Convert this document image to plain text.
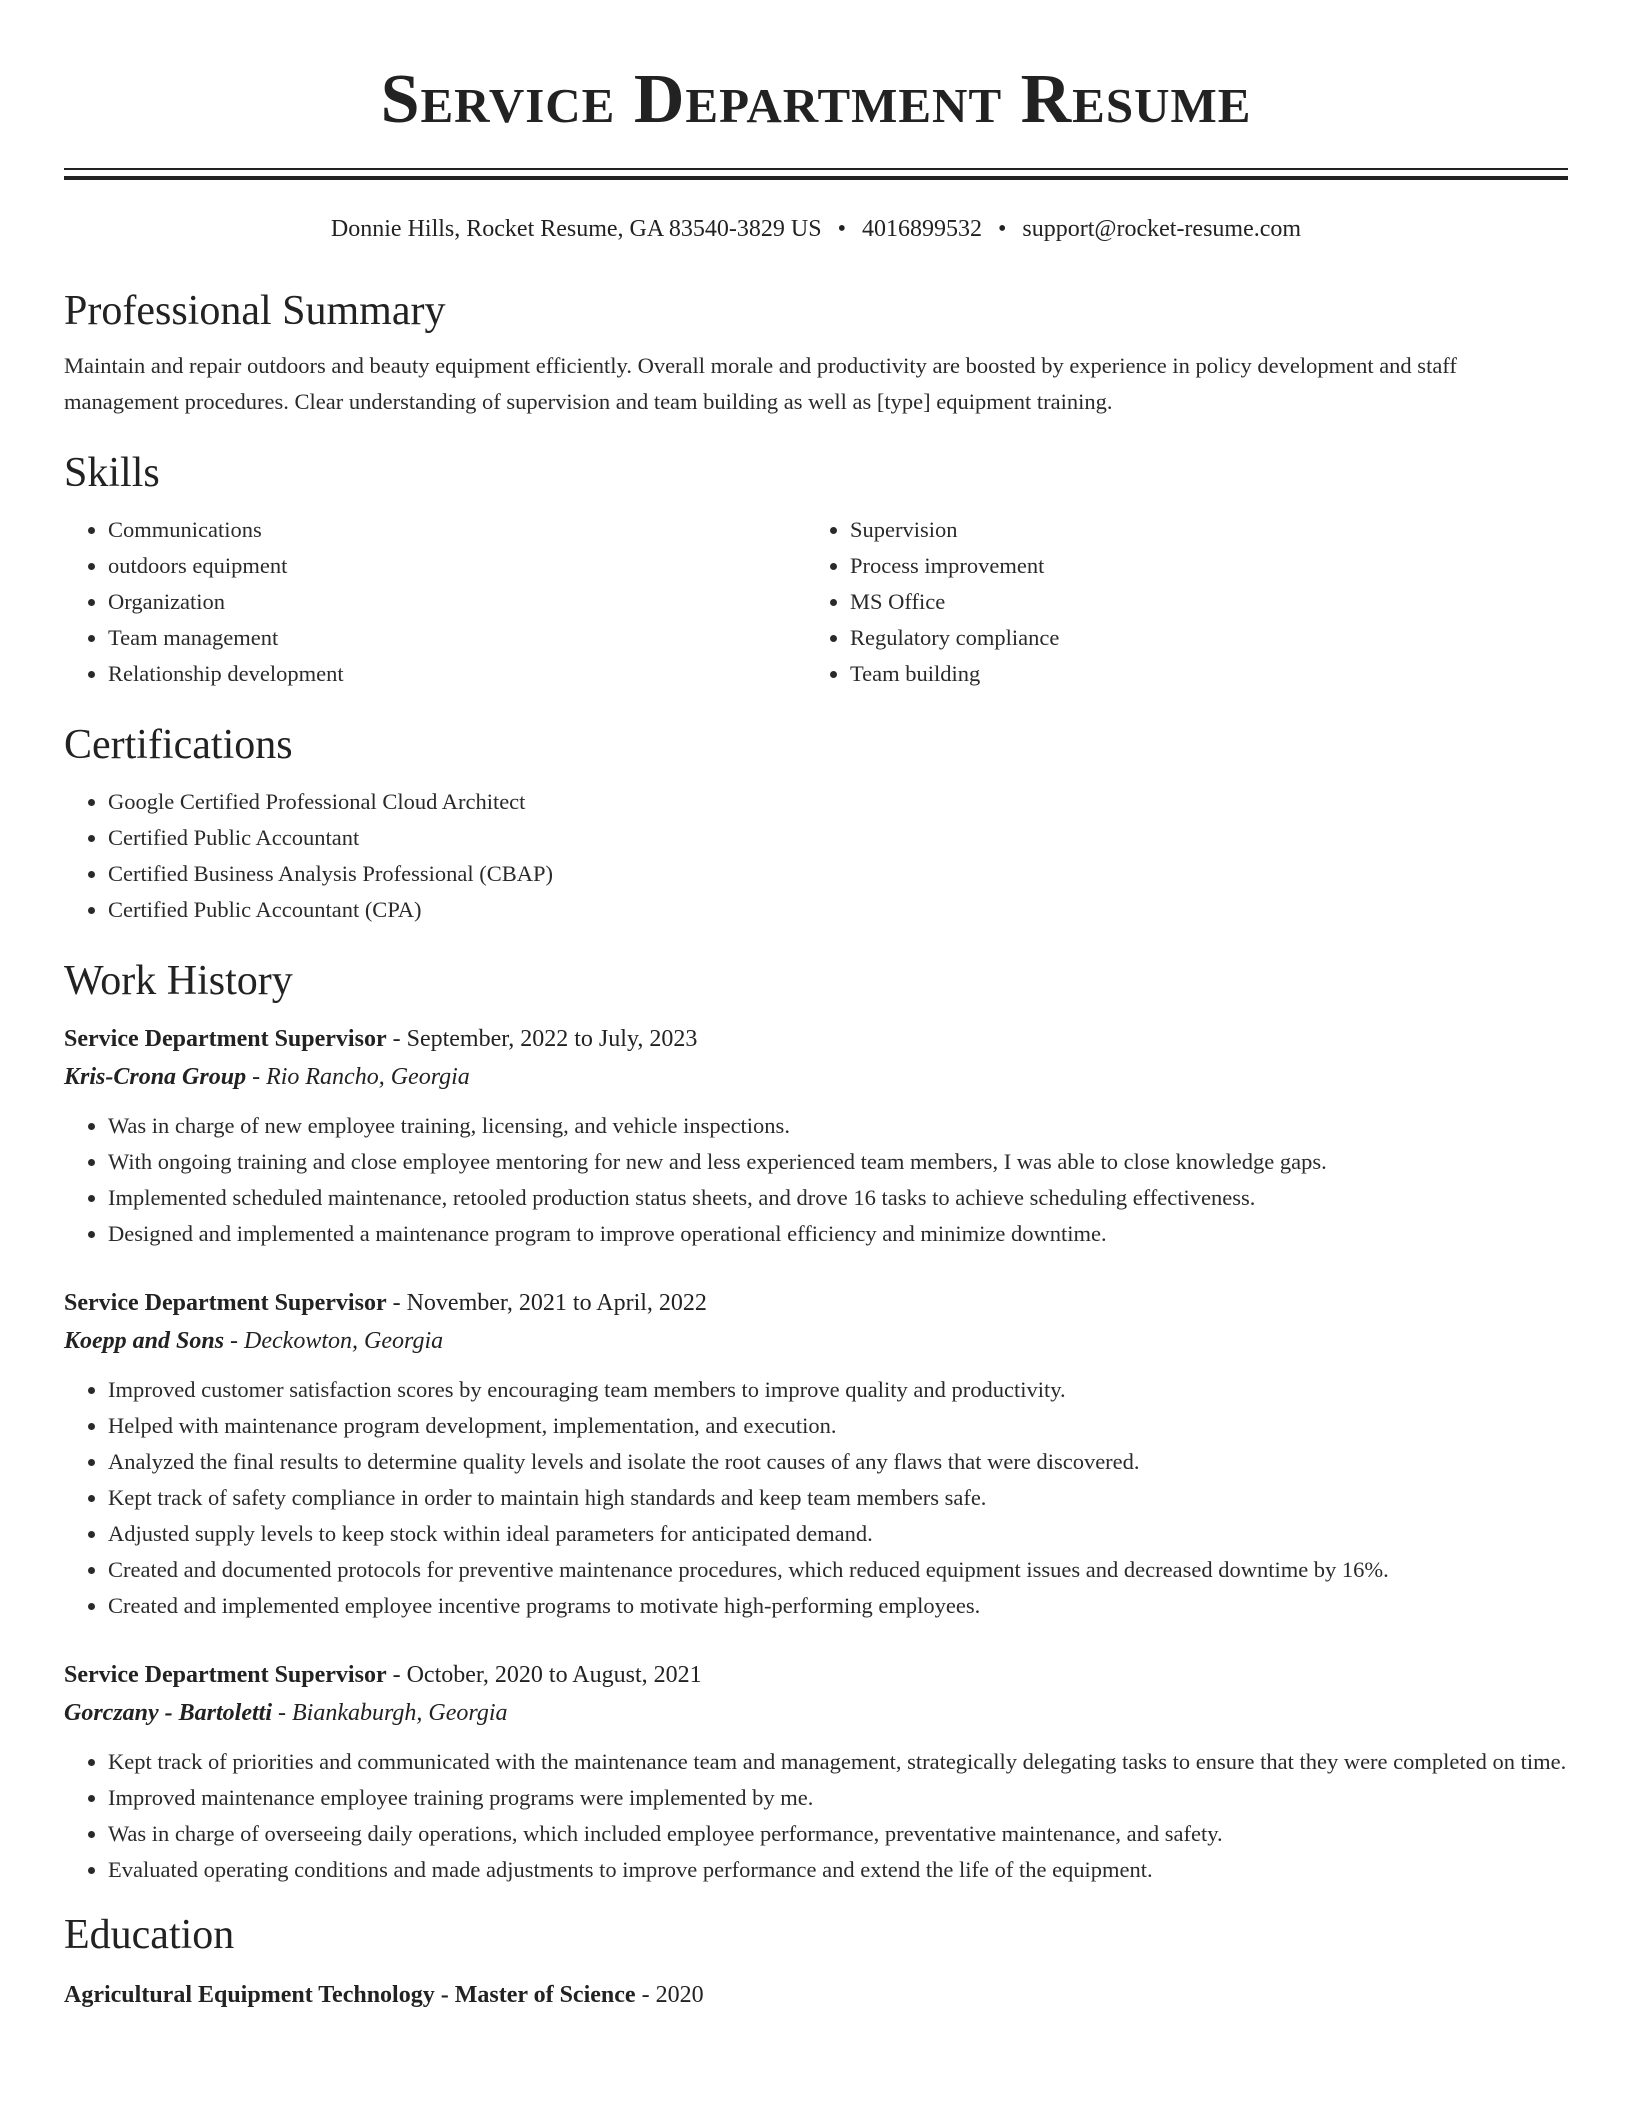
Service Department Resume
Donnie Hills, Rocket Resume, GA 83540-3829 US • 4016899532 • support@rocket-resume.com
Professional Summary

Maintain and repair outdoors and beauty equipment efficiently. Overall morale and productivity are boosted by experience in policy development and staff management procedures. Clear understanding of supervision and team building as well as [type] equipment training.

Skills
• Communications
• outdoors equipment
• Organization
• Team management
• Relationship development
• Supervision
• Process improvement
• MS Office
• Regulatory compliance
• Team building
Certifications
• Google Certified Professional Cloud Architect
• Certified Public Accountant
• Certified Business Analysis Professional (CBAP)
• Certified Public Accountant (CPA)
Work History
Service Department Supervisor - September, 2022 to July, 2023
Kris-Crona Group - Rio Rancho, Georgia
• Was in charge of new employee training, licensing, and vehicle inspections.
• With ongoing training and close employee mentoring for new and less experienced team members, I was able to close knowledge gaps.
• Implemented scheduled maintenance, retooled production status sheets, and drove 16 tasks to achieve scheduling effectiveness.
• Designed and implemented a maintenance program to improve operational efficiency and minimize downtime.
Service Department Supervisor - November, 2021 to April, 2022
Koepp and Sons - Deckowton, Georgia
• Improved customer satisfaction scores by encouraging team members to improve quality and productivity.
• Helped with maintenance program development, implementation, and execution.
• Analyzed the final results to determine quality levels and isolate the root causes of any flaws that were discovered.
• Kept track of safety compliance in order to maintain high standards and keep team members safe.
• Adjusted supply levels to keep stock within ideal parameters for anticipated demand.
• Created and documented protocols for preventive maintenance procedures, which reduced equipment issues and decreased downtime by 16%.
• Created and implemented employee incentive programs to motivate high-performing employees.
Service Department Supervisor - October, 2020 to August, 2021
Gorczany - Bartoletti - Biankaburgh, Georgia
• Kept track of priorities and communicated with the maintenance team and management, strategically delegating tasks to ensure that they were completed on time.
• Improved maintenance employee training programs were implemented by me.
• Was in charge of overseeing daily operations, which included employee performance, preventative maintenance, and safety.
• Evaluated operating conditions and made adjustments to improve performance and extend the life of the equipment.
Education
Agricultural Equipment Technology - Master of Science - 2020
